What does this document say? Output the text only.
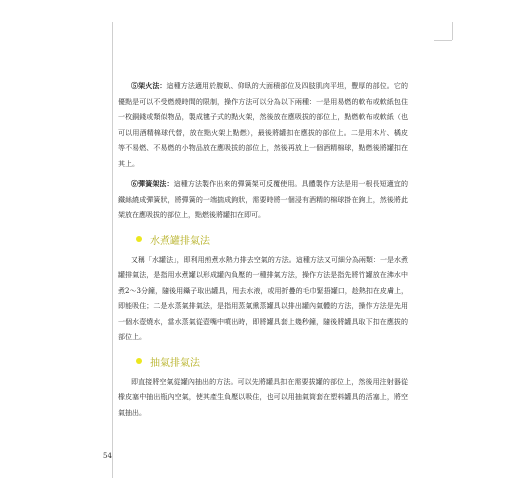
⑤架火法：這種方法適用於腹臥、仰臥的大面積部位及四肢肌肉平坦，豐厚的部位。它的優點是可以不受燃燒時間的限制，操作方法可以分為以下兩種：一是用易燃的軟布或軟紙包住一枚銅錢或類似物品，製成毽子式的點火架，然後放在應吸拔的部位上，點燃軟布或軟紙（也可以用酒精棉球代替，放在點火架上點燃），最後將罐扣在應拔的部位上。二是用木片、橘皮等不易燃、不易燃的小物品放在應吸拔的部位上，然後再放上一個酒精棉球，點燃後將罐扣在其上。

⑥彈簧架法：這種方法製作出來的彈簧架可反覆使用。具體製作方法是用一根長短適宜的鐵絲繞成彈簧狀，將彈簧的一端揣成鉤狀，需要時將一個浸有酒精的棉球掛在鉤上，然後將此架放在應吸拔的部位上，點燃後將罐扣在即可。

水煮罐排氣法

又稱「水罐法」，即利用煎煮水熱力排去空氣的方法。這種方法又可細分為兩類：一是水煮罐排氣法，是指用水煮罐以形成罐內負壓的一種排氣方法，操作方法是指先將竹罐放在沸水中煮2～3分鐘，隨後用鑷子取出罐具，甩去水液，或用折疊的毛巾緊捂罐口，趁熱扣在皮膚上，即能吸住；二是水蒸氣排氣法，是指用蒸氣熏蒸罐具以排出罐內氣體的方法，操作方法是先用一個水壺燒水，當水蒸氣從壺嘴中噴出時，即將罐具套上幾秒鐘，隨後將罐具取下扣在應拔的部位上。

抽氣排氣法

即直接將空氣從罐內抽出的方法。可以先將罐具扣在需要拔罐的部位上，然後用注射器從橡皮塞中抽出瓶內空氣，使其產生負壓以吸住，也可以用抽氣筒套在塑料罐具的活塞上，將空氣抽出。

54
